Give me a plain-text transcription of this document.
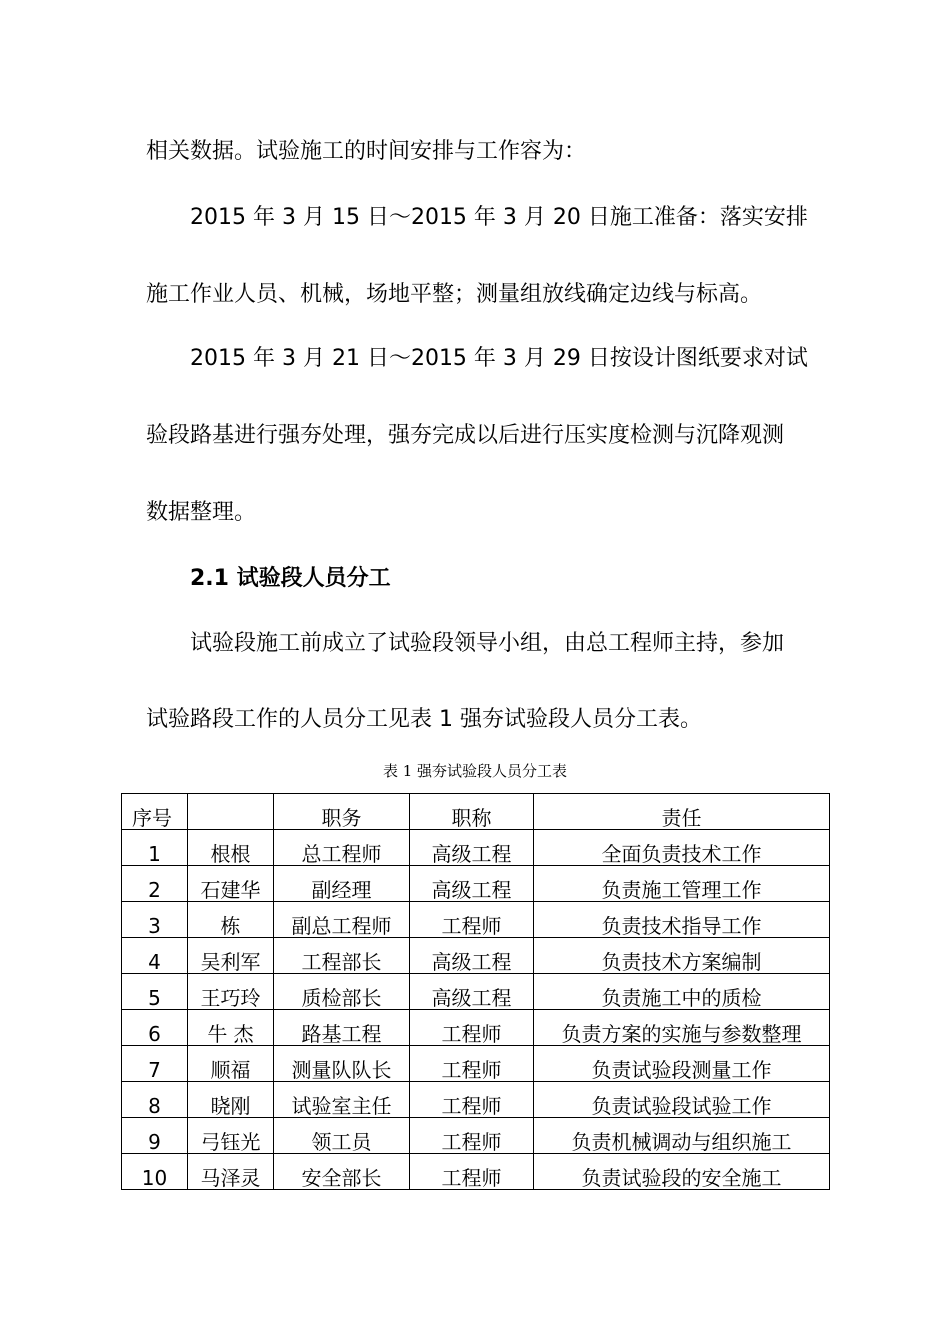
相关数据。试验施工的时间安排与工作容为：

2015 年 3 月 15 日～2015 年 3 月 20 日施工准备：落实安排

施工作业人员、机械，场地平整；测量组放线确定边线与标高。

2015 年 3 月 21 日～2015 年 3 月 29 日按设计图纸要求对试

验段路基进行强夯处理，强夯完成以后进行压实度检测与沉降观测

数据整理。

2.1 试验段人员分工

试验段施工前成立了试验段领导小组，由总工程师主持，参加

试验路段工作的人员分工见表 1 强夯试验段人员分工表。

表 1 强夯试验段人员分工表
序号		职务	职称	责任
1	根根	总工程师	高级工程	全面负责技术工作
2	石建华	副经理	高级工程	负责施工管理工作
3	栋	副总工程师	工程师	负责技术指导工作
4	吴利军	工程部长	高级工程	负责技术方案编制
5	王巧玲	质检部长	高级工程	负责施工中的质检
6	牛 杰	路基工程	工程师	负责方案的实施与参数整理
7	顺福	测量队队长	工程师	负责试验段测量工作
8	晓刚	试验室主任	工程师	负责试验段试验工作
9	弓钰光	领工员	工程师	负责机械调动与组织施工
10	马泽灵	安全部长	工程师	负责试验段的安全施工
